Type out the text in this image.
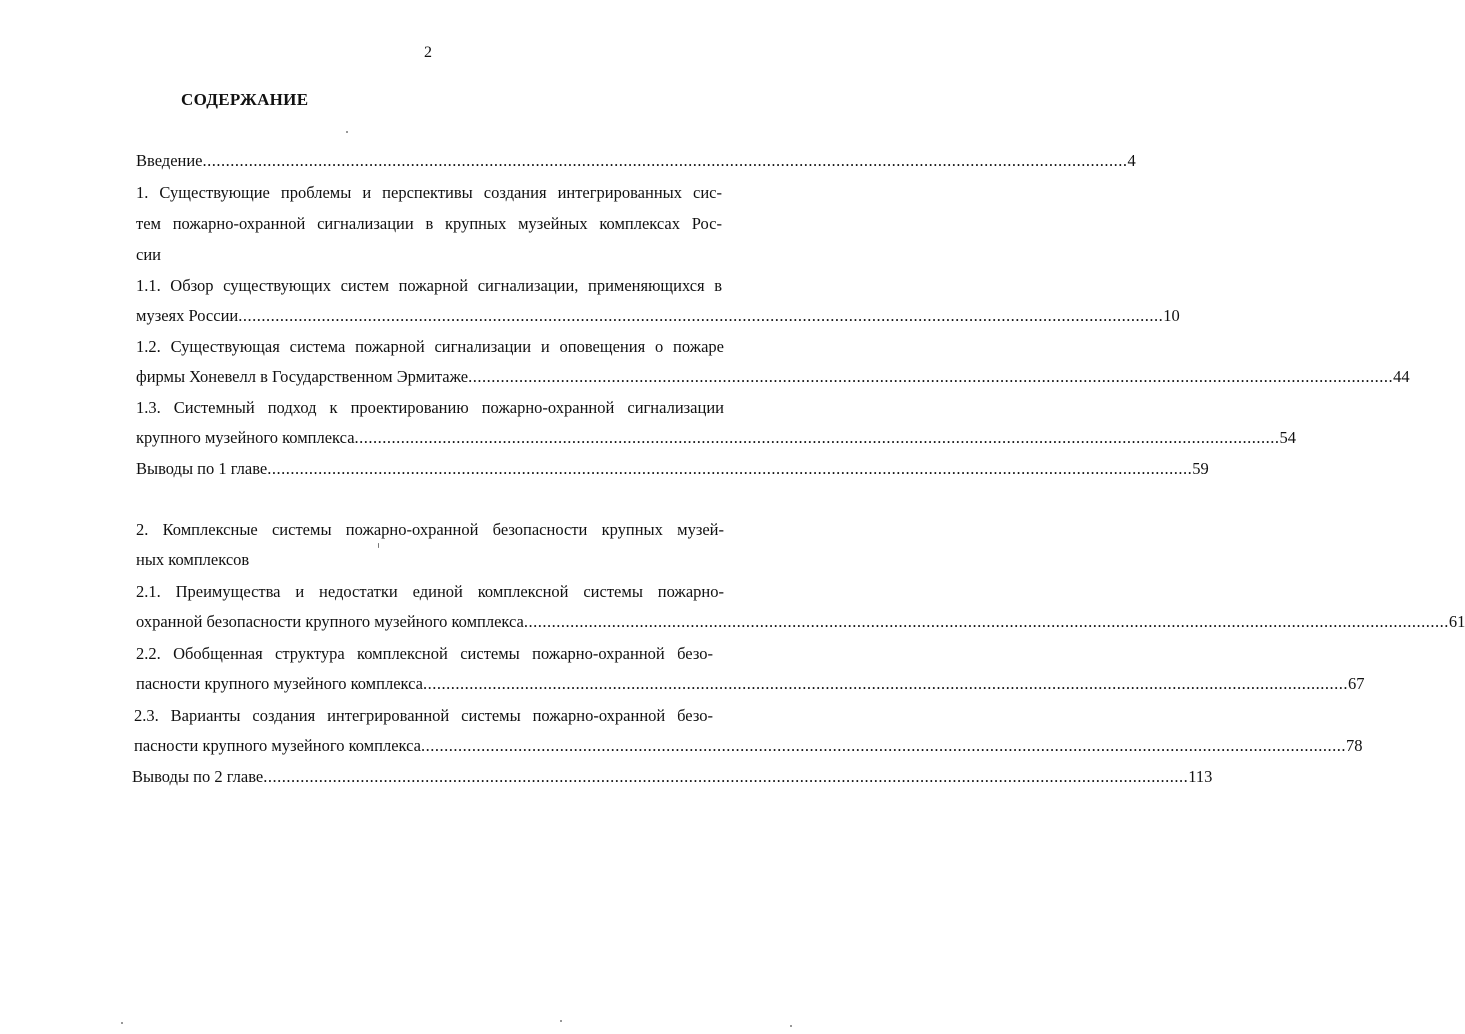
2
СОДЕРЖАНИЕ
Введение ........................................................................................................................................................................................................ 4
1. Существующие проблемы и перспективы создания интегрированных сис-
тем пожарно-охранной сигнализации в крупных музейных комплексах Рос-
сии
1.1. Обзор существующих систем пожарной сигнализации, применяющихся в
музеях России ........................................................................................................................................................................................................ 10
1.2. Существующая система пожарной сигнализации и оповещения о пожаре
фирмы Хоневелл в Государственном Эрмитаже ........................................................................................................................................................................................................ 44
1.3. Системный подход к проектированию пожарно-охранной сигнализации
крупного музейного комплекса ........................................................................................................................................................................................................ 54
Выводы по 1 главе ........................................................................................................................................................................................................ 59
2. Комплексные системы пожарно-охранной безопасности крупных музей-
ных комплексов
2.1. Преимущества и недостатки единой комплексной системы пожарно-
охранной безопасности крупного музейного комплекса ........................................................................................................................................................................................................ 61
2.2. Обобщенная структура комплексной системы пожарно-охранной безо-
пасности крупного музейного комплекса ........................................................................................................................................................................................................ 67
2.3. Варианты создания интегрированной системы пожарно-охранной безо-
пасности крупного музейного комплекса ........................................................................................................................................................................................................ 78
Выводы по 2 главе ........................................................................................................................................................................................................ 113
